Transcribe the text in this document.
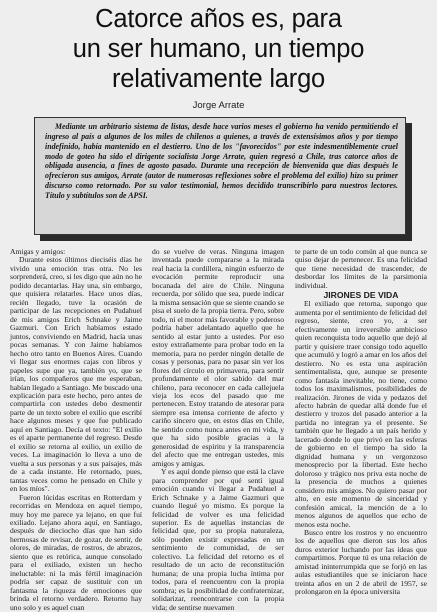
Catorce años es, para
un ser humano, un tiempo
relativamente largo
Jorge Arrate
Mediante un arbitrario sistema de listas, desde hace varios meses el gobierno ha venido permitiendo el ingreso al país a algunos de los miles de chilenos a quienes, a través de extensísimos años y por tiempo indefinido, había mantenido en el destierro. Uno de los "favorecidos" por este indesmentiblemente cruel modo de goteo ha sido el dirigente socialista Jorge Arrate, quien regresó a Chile, tras catorce años de obligada ausencia, a fines de agosto pasado. Durante una recepción de bienvenida que días después le ofrecieron sus amigos, Arrate (autor de numerosas reflexiones sobre el problema del exilio) hizo su primer discurso como retornado. Por su valor testimonial, hemos decidido transcribirlo para nuestros lectores. Título y subtítulos son de APSI.

Amigas y amigos:

Durante estos últimos dieciséis días he vivido una emoción tras otra. No les sorprenderá, creo, si les digo que aún no he podido decantarlas. Hay una, sin embargo, que quisiera relatarles. Hace unos días, recién llegado, tuve la ocasión de participar de las recepciones en Pudahuel de mis amigos Erich Schnake y Jaime Gazmuri. Con Erich habíamos estado juntos, conviviendo en Madrid, hacía unas pocas semanas. Y con Jaime habíamos hecho otro tanto en Buenos Aires. Cuando vi llegar sus enormes cajas con libros y papeles supe que ya, también yo, que se irían, los compañeros que me esperaban, habían llegado a Santiago. Me buscado una explicación para este hecho, pero antes de compartirla con ustedes debo desmentir parte de un texto sobre el exilio que escribí hace algunos meses y que fue publicado aquí en Santiago. Decía el texto: "El exilio es el aparte permanente del regreso. Desde el exilio se retorna al exilio, un exilio de veces. La imaginación lo lleva a uno de vuelta a sus personas y a sus paisajes, más de a cada instante. He retornado, pues, tantas veces como he pensado en Chile y en los míos".

Fueron lúcidas escritas en Rotterdam y recorridas en Mendoza en aquel tiempo, muy hoy me parece ya lejano, en que fuí exiliado. Lejano ahora aquí, en Santiago, después de dieciocho días que han sido hermosas de revisar, de gozar, de sentir, de olores, de miradas, de rostros, de abrazos, siento que es retórica, aunque consolado para el exiliado, existen un hecho ineluctable: ni la más fértil imaginación podría ser capaz de sustituir con un fantasma la riqueza de emociones que brinda el retorno verdadero. Retorno hay uno solo y es aquel cuan

do se vuelve de veras. Ninguna imagen inventada puede compararse a la mirada real hacia la cordillera, ningún esfuerzo de evocación permite reproducir una bocanada del aire de Chile. Ninguna recuerda, por sólido que sea, puede indicar la misma sensación que se siente cuando se pisa el suelo de la propia tierra. Pero, sobre todo, ni el motor más favorable y poderoso podría haber adelantado aquello que he sentido al estar junto a ustedes. Por eso estoy extrañamente para probar todo en la memoria, para no perder ningún detalle de cosas y personas, para no pasar sin ver los flores del círculo en primavera, para sentir profundamente el olor sabido del mar chileno, para reconocer en cada callejuela vieja los ecos del pasado que me pertenecen. Estoy tratando de atesorar para siempre esa intensa corriente de afecto y cariño sincero que, en estos días en Chile, he sentido como nunca antes en mi vida, y que ha sido posible gracias a la generosidad de espíritu y la transparencia del afecto que me entregan ustedes, mis amigos y amigas.

Y es aquí donde pienso que está la clave para comprender por qué sentí igual emoción cuando vi llegar a Pudahuel a Erich Schnake y a Jaime Gazmuri que cuando llegué yo mismo. Es porque la felicidad de volver es una felicidad superior. Es de aquellas instancias de felicidad que, por su propia naturaleza, sólo pueden existir expresadas en un sentimiento de comunidad, de ser colectivo. La felicidad del retorno es el resultado de un acto de reconstitución humana; de una propia lucha íntima por todos, para el reencuentro con la propia sombra; es la posibilidad de confraternizar, solidarizar, reencontrarse con la propia vida; de sentirse nuevamen

te parte de un todo común al que nunca se quiso dejar de pertenecer. Es una felicidad que tiene necesidad de trascender, de desbordar los límites de la parsimonia individual.

JIRONES DE VIDA

El exiliado que retorna, supongo que aumenta por el sentimiento de felicidad del regreso, siente, creo yo, a ser efectivamente un irreversible ambicioso quien reconquista todo aquello que dejó al partir y quisiere traer consigo todo aquello que acumuló y logró a amar en los años del destierro. No es esta una aspiración sentimentalista, que, aunque se presente como fantasía inevitable, no tiene, como todos los maximalismos, posibilidades de realización. Jirones de vida y pedazos del afecto habrán de quedar allá donde fue el destierro y trozos del pasado anterior a la partida no integran ya el presente. Se también que he llegado a un país herido y lacerado donde lo que privó en las esferas de gobierno en el tiempo ha sido la dignidad humana y un vergonzoso menosprecio por la libertad. Este hecho doloroso y trágico nos priva esta noche de la presencia de muchos a quienes considero mis amigos. No quiero pasar por alto, en este momento de sinceridad y confesión amical, la mención de a lo menos algunos de aquellos que echo de menos esta noche.

Busco entre los rostros y no encuentro los de aquellos que dieron sus los años duros exterior luchando por las ideas que compartimos. Porque tú es una relación de amistad ininterrumpida que se forjó en las aulas estudiantiles que se iniciaron hace treinta años en un 2 de abril de 1957, se prolongaron en la época universita
